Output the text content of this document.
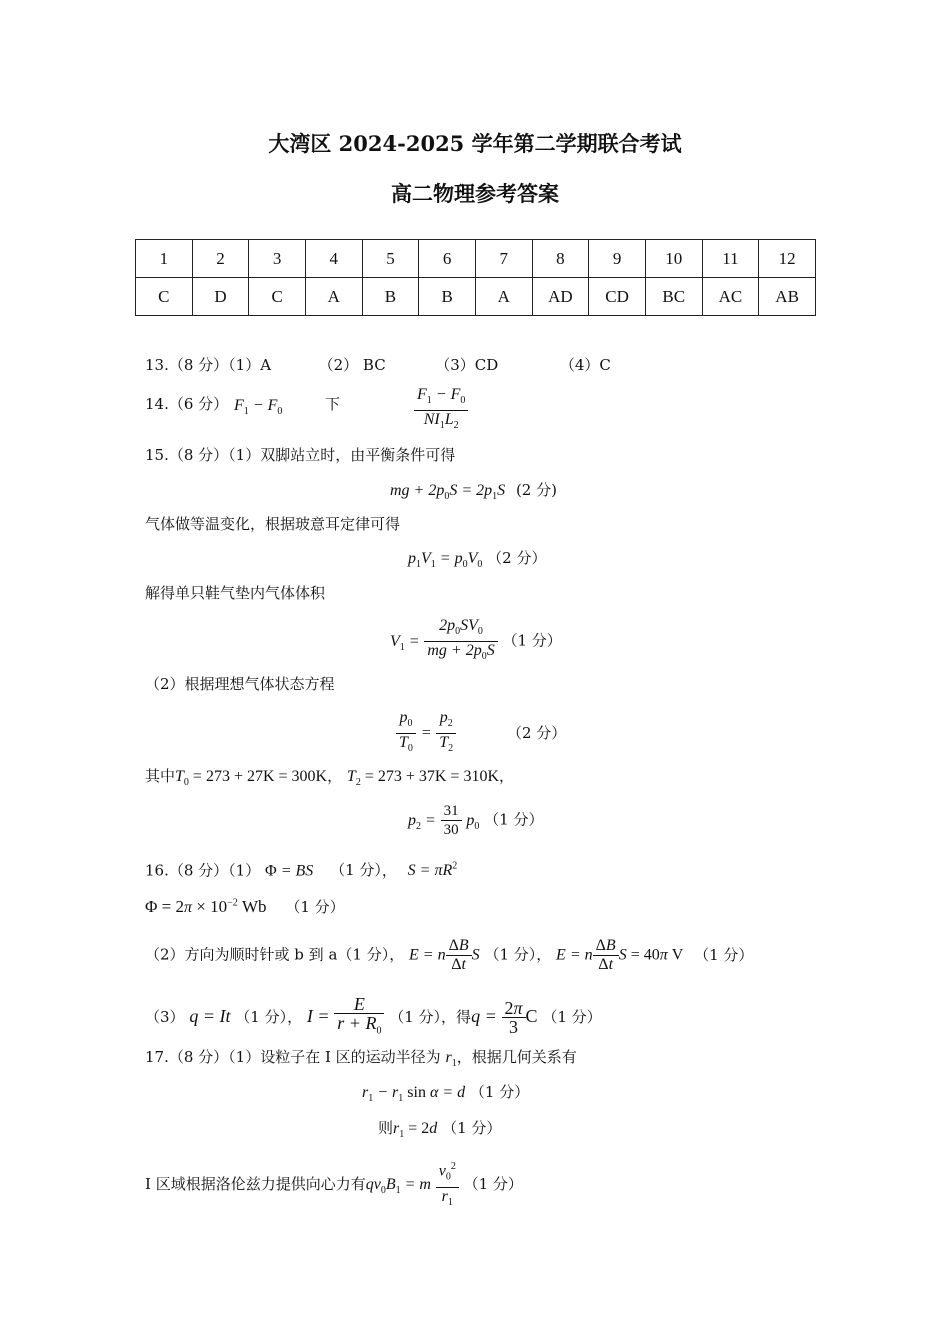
大湾区 2024-2025 学年第二学期联合考试
高二物理参考答案
1	2	3	4	5	6	7	8	9	10	11	12
C	D	C	A	B	B	A	AD	CD	BC	AC	AB
13.（8 分）（1）A	（2） BC	（3）CD	（4）C
14.（6 分） $F_1 - F_0$	下	$\frac{F_1 - F_0}{NI_1L_2}$
15.（8 分）（1）双脚站立时，由平衡条件可得
mg + $2p_0S = 2p_1S$ (2 分)
气体做等温变化，根据玻意耳定律可得
$p_1V_1 = p_0V_0$ （2 分）
解得单只鞋气垫内气体体积
$V_1 = \frac{2p_0SV_0}{mg + 2p_0S} (1$ 分）
（2）根据理想气体状态方程
$\frac{p_0}{T_0} = \frac{p_2}{T_2}$	（2 分）
其中$T_0 = 273 + 27K = 300K$， $T_2 = 273 + 37K = 310K$，
$p_2 = \frac{31}{30} p_0$ （1 分）
16.（8 分）（1） Φ = BS （1 分）， $S = \pi R^2$
$\Phi = 2\pi \times 10^{-2}$ Wb （1 分）
（2）方向为顺时针或 b 到 a（1 分）， E = n $\frac{\Delta B}{\Delta t}$ S （1 分）， E = n $\frac{\Delta B}{\Delta t}$ S = 40π V （1 分）
（3） q = It （1 分）， $I = \frac{E}{r + R_0} (1$ 分），得$q = \frac{2\pi}{3}$ C （1 分）
17.（8 分）（1）设粒子在 I 区的运动半径为 $r_1$，根据几何关系有
$r_1 - r_1$ sin α = d （1 分）
则$r_1 = 2d$ （1 分）
I 区域根据洛伦兹力提供向心力有$qv_0B_1 = m \frac{v_0^2}{r_1} (1$ 分）
